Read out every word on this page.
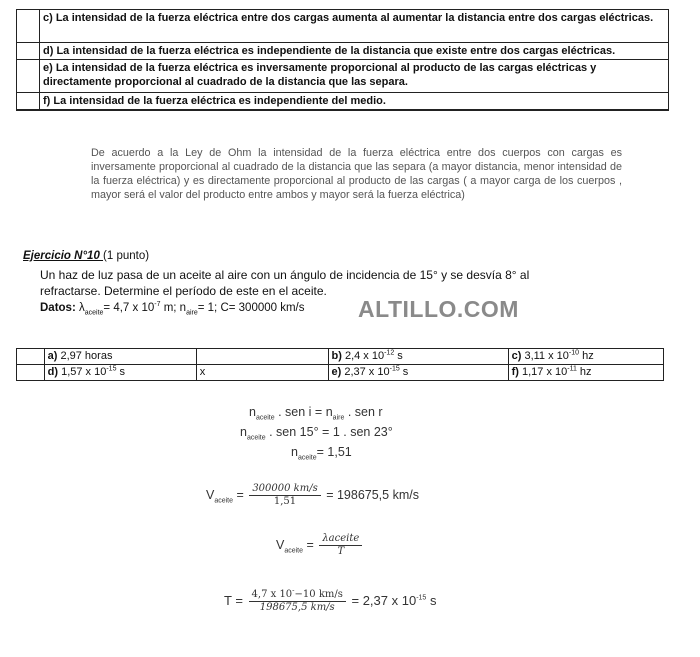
	c) La intensidad de la fuerza eléctrica entre dos cargas aumenta al aumentar la distancia entre dos cargas eléctricas.
	d) La intensidad de la fuerza eléctrica es independiente de la distancia que existe entre dos cargas eléctricas.
	e) La intensidad de la fuerza eléctrica es inversamente proporcional al producto de las cargas eléctricas y directamente proporcional al cuadrado de la distancia que las separa.
	f) La intensidad de la fuerza eléctrica es independiente del medio.
De acuerdo a la Ley de Ohm la intensidad de la fuerza eléctrica entre dos cuerpos con cargas es inversamente proporcional al cuadrado de la distancia que las separa (a mayor distancia, menor intensidad de la fuerza eléctrica) y es directamente proporcional al producto de las cargas ( a mayor carga de los cuerpos , mayor será el valor del producto entre ambos y mayor será la fuerza eléctrica)
Ejercicio N°10 (1 punto)
Un haz de luz pasa de un aceite al aire con un ángulo de incidencia de 15° y se desvía 8° al refractarse. Determine el período de este en el aceite.
Datos: $\lambda_{aceite}= 4,7$ x $10^{-7}$ m; $n_{aire}= 1$; C= 300000 km/s ALTILLO.COM
	a) 2,97 horas		b) 2,4 x $10^{-12}$ s	c) 3,11 x $10^{-10}$ hz
	d) 1,57 x $10^{-15}$ s	x	e) 2,37 x $10^{-15}$ s	f) 1,17 x $10^{-11}$ hz
$n_{aceite}$ . sen $i = n_{aire}$ . sen r
$n_{aceite}$ . sen 15° = 1 . sen 23°
$n_{aceite}= 1,51$
$V_{aceite} = \frac{300000 km/s}{1,51} = 198675,5$ km/s
$V_{aceite} = \frac{\text{λaceite}}{T}$
$T = \frac{4,7 x 10^--10 km/s}{198675,5 km/s} = 2,37$ x $10^{-15}$ s
